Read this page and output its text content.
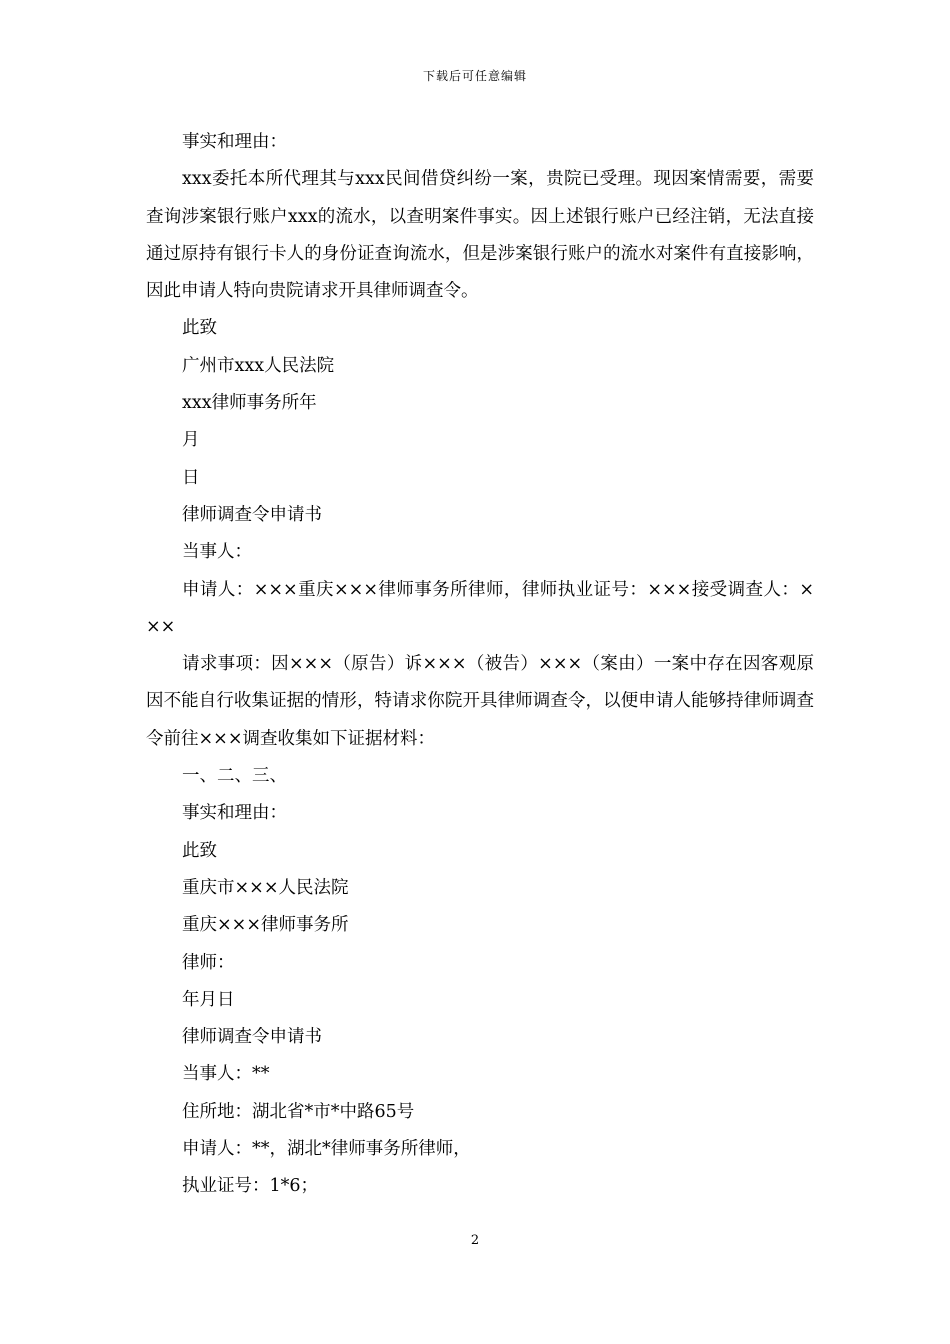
下载后可任意编辑

事实和理由：

xxx委托本所代理其与xxx民间借贷纠纷一案，贵院已受理。现因案情需要，需要查询涉案银行账户xxx的流水，以查明案件事实。因上述银行账户已经注销，无法直接通过原持有银行卡人的身份证查询流水，但是涉案银行账户的流水对案件有直接影响，因此申请人特向贵院请求开具律师调查令。

此致

广州市xxx人民法院

xxx律师事务所年

月

日

律师调查令申请书

当事人：

申请人：×××重庆×××律师事务所律师，律师执业证号：×××接受调查人：×××

请求事项：因×××（原告）诉×××（被告）×××（案由）一案中存在因客观原因不能自行收集证据的情形，特请求你院开具律师调查令，以便申请人能够持律师调查令前往×××调查收集如下证据材料：

一、二、三、

事实和理由：

此致

重庆市×××人民法院

重庆×××律师事务所

律师：

年月日

律师调查令申请书

当事人：**

住所地：湖北省*市*中路65号

申请人：**，湖北*律师事务所律师，

执业证号：1*6；

2
